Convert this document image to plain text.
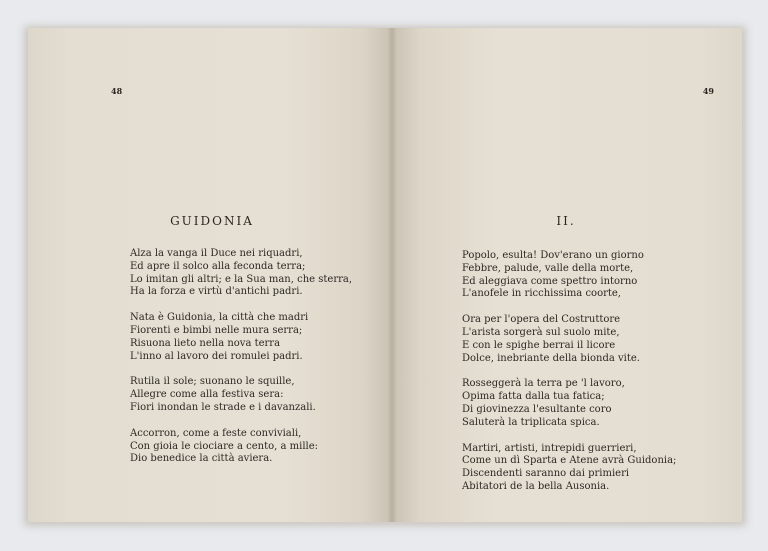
48
GUIDONIA
Alza la vanga il Duce nei riquadri,
Ed apre il solco alla feconda terra;
Lo imitan gli altri; e la Sua man, che sterra,
Ha la forza e virtù d'antichi padri.
Nata è Guidonia, la città che madri
Fiorenti e bimbi nelle mura serra;
Risuona lieto nella nova terra
L'inno al lavoro dei romulei padri.
Rutila il sole; suonano le squille,
Allegre come alla festiva sera:
Fiori inondan le strade e i davanzali.
Accorron, come a feste conviviali,
Con gioia le ciociare a cento, a mille:
Dio benedice la città aviera.
49
II.
Popolo, esulta! Dov'erano un giorno
Febbre, palude, valle della morte,
Ed aleggiava come spettro intorno
L'anofele in ricchissima coorte,
Ora per l'opera del Costruttore
L'arista sorgerà sul suolo mite,
E con le spighe berrai il licore
Dolce, inebriante della bionda vite.
Rosseggerà la terra pe 'l lavoro,
Opima fatta dalla tua fatica;
Di giovinezza l'esultante coro
Saluterà la triplicata spica.
Martiri, artisti, intrepidi guerrieri,
Come un dì Sparta e Atene avrà Guidonia;
Discendenti saranno dai primieri
Abitatori de la bella Ausonia.
